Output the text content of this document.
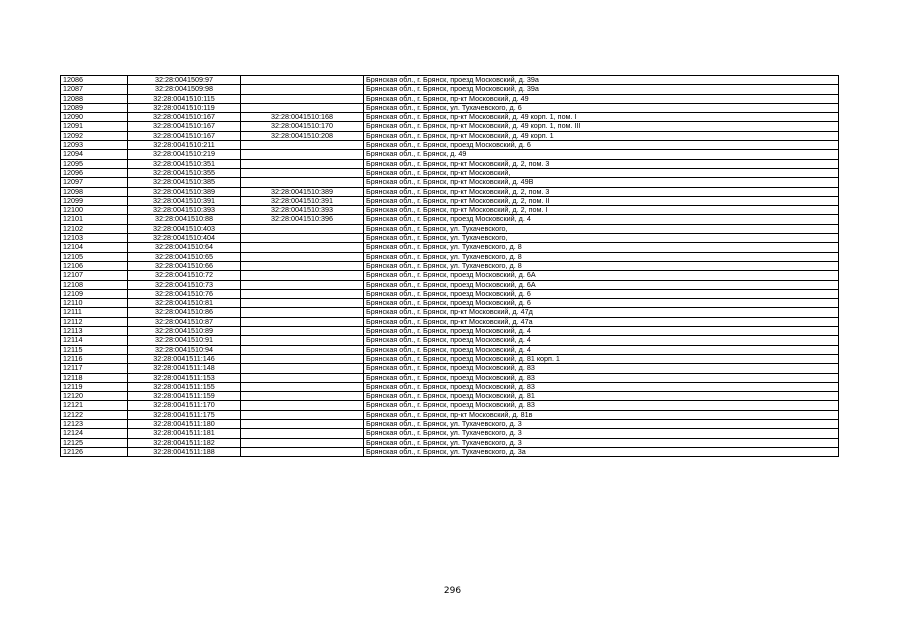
12086	32:28:0041509:97		Брянская обл., г. Брянск, проезд Московский, д. 39а
12087	32:28:0041509:98		Брянская обл., г. Брянск, проезд Московский, д. 39а
12088	32:28:0041510:115		Брянская обл., г. Брянск, пр-кт Московский, д. 49
12089	32:28:0041510:119		Брянская обл., г. Брянск, ул. Тухачевского, д. 6
12090	32:28:0041510:167	32:28:0041510:168	Брянская обл., г. Брянск, пр-кт Московский, д. 49 корп. 1, пом. I
12091	32:28:0041510:167	32:28:0041510:170	Брянская обл., г. Брянск, пр-кт Московский, д. 49 корп. 1, пом. III
12092	32:28:0041510:167	32:28:0041510:208	Брянская обл., г. Брянск, пр-кт Московский, д. 49 корп. 1
12093	32:28:0041510:211		Брянская обл., г. Брянск, проезд Московский, д. 6
12094	32:28:0041510:219		Брянская обл., г. Брянск, д. 49
12095	32:28:0041510:351		Брянская обл., г. Брянск, пр-кт Московский, д. 2, пом. 3
12096	32:28:0041510:355		Брянская обл., г. Брянск, пр-кт Московский,
12097	32:28:0041510:385		Брянская обл., г. Брянск, пр-кт Московский, д. 49В
12098	32:28:0041510:389	32:28:0041510:389	Брянская обл., г. Брянск, пр-кт Московский, д. 2, пом. 3
12099	32:28:0041510:391	32:28:0041510:391	Брянская обл., г. Брянск, пр-кт Московский, д. 2, пом. II
12100	32:28:0041510:393	32:28:0041510:393	Брянская обл., г. Брянск, пр-кт Московский, д. 2, пом. I
12101	32:28:0041510:88	32:28:0041510:396	Брянская обл., г. Брянск, проезд Московский, д. 4
12102	32:28:0041510:403		Брянская обл., г. Брянск, ул. Тухачевского,
12103	32:28:0041510:404		Брянская обл., г. Брянск, ул. Тухачевского,
12104	32:28:0041510:64		Брянская обл., г. Брянск, ул. Тухачевского, д. 8
12105	32:28:0041510:65		Брянская обл., г. Брянск, ул. Тухачевского, д. 8
12106	32:28:0041510:66		Брянская обл., г. Брянск, ул. Тухачевского, д. 8
12107	32:28:0041510:72		Брянская обл., г. Брянск, проезд Московский, д. 6А
12108	32:28:0041510:73		Брянская обл., г. Брянск, проезд Московский, д. 6А
12109	32:28:0041510:76		Брянская обл., г. Брянск, проезд Московский, д. 6
12110	32:28:0041510:81		Брянская обл., г. Брянск, проезд Московский, д. 6
12111	32:28:0041510:86		Брянская обл., г. Брянск, пр-кт Московский, д. 47д
12112	32:28:0041510:87		Брянская обл., г. Брянск, пр-кт Московский, д. 47а
12113	32:28:0041510:89		Брянская обл., г. Брянск, проезд Московский, д. 4
12114	32:28:0041510:91		Брянская обл., г. Брянск, проезд Московский, д. 4
12115	32:28:0041510:94		Брянская обл., г. Брянск, проезд Московский, д. 4
12116	32:28:0041511:146		Брянская обл., г. Брянск, проезд Московский, д. 81 корп. 1
12117	32:28:0041511:148		Брянская обл., г. Брянск, проезд Московский, д. 83
12118	32:28:0041511:153		Брянская обл., г. Брянск, проезд Московский, д. 83
12119	32:28:0041511:155		Брянская обл., г. Брянск, проезд Московский, д. 83
12120	32:28:0041511:159		Брянская обл., г. Брянск, проезд Московский, д. 81
12121	32:28:0041511:170		Брянская обл., г. Брянск, проезд Московский, д. 83
12122	32:28:0041511:175		Брянская обл., г. Брянск, пр-кт Московский, д. 81в
12123	32:28:0041511:180		Брянская обл., г. Брянск, ул. Тухачевского, д. 3
12124	32:28:0041511:181		Брянская обл., г. Брянск, ул. Тухачевского, д. 3
12125	32:28:0041511:182		Брянская обл., г. Брянск, ул. Тухачевского, д. 3
12126	32:28:0041511:188		Брянская обл., г. Брянск, ул. Тухачевского, д. 3а
296
